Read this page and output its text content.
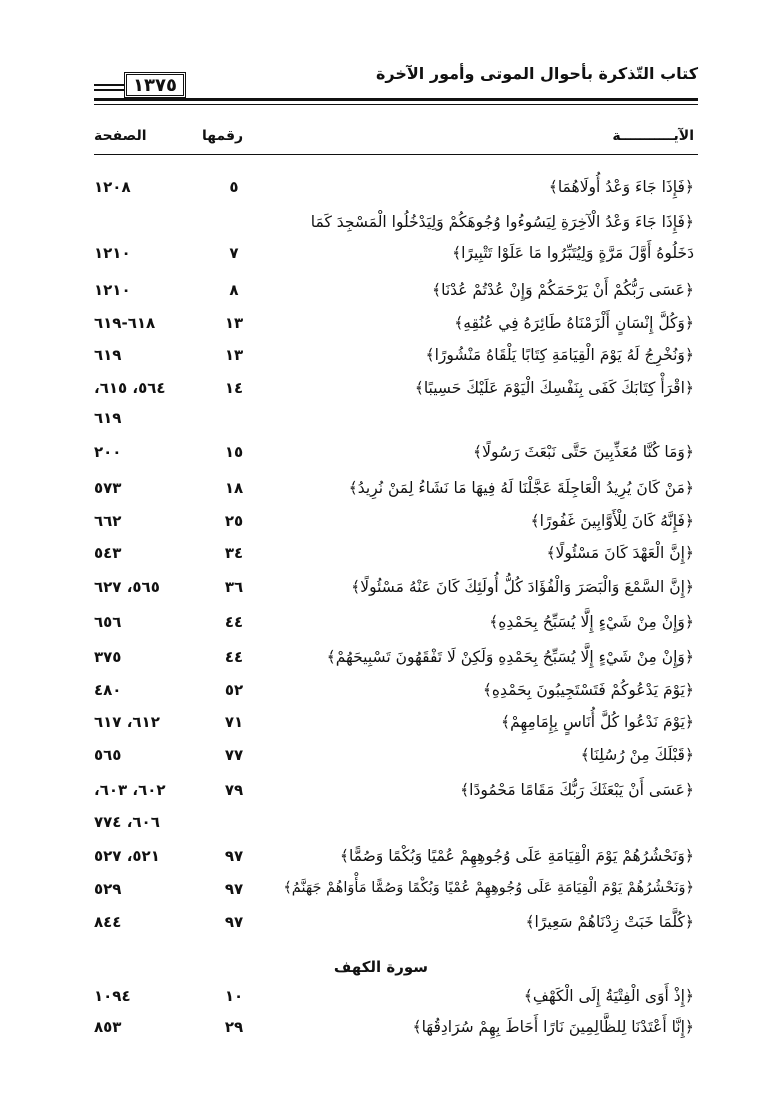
كتاب التّذكرة بأحوال الموتى وأمور الآخرة
١٣٧٥
الآيـــــــــــة
رقمها
الصفحة
﴿فَإِذَا جَاءَ وَعْدُ أُولَاهُمَا﴾
٥
١٢٠٨
﴿فَإِذَا جَاءَ وَعْدُ الْآخِرَةِ لِيَسُوءُوا وُجُوهَكُمْ وَلِيَدْخُلُوا الْمَسْجِدَ كَمَا
دَخَلُوهُ أَوَّلَ مَرَّةٍ وَلِيُتَبِّرُوا مَا عَلَوْا تَتْبِيرًا﴾
٧
١٢١٠
﴿عَسَى رَبُّكُمْ أَنْ يَرْحَمَكُمْ وَإِنْ عُدْتُمْ عُدْنَا﴾
٨
١٢١٠
﴿وَكُلَّ إِنْسَانٍ أَلْزَمْنَاهُ طَائِرَهُ فِي عُنُقِهِ﴾
١٣
٦١٨-٦١٩
﴿وَنُخْرِجُ لَهُ يَوْمَ الْقِيَامَةِ كِتَابًا يَلْقَاهُ مَنْشُورًا﴾
١٣
٦١٩
﴿اقْرَأْ كِتَابَكَ كَفَى بِنَفْسِكَ الْيَوْمَ عَلَيْكَ حَسِيبًا﴾
١٤
٥٦٤، ٦١٥،
٦١٩
﴿وَمَا كُنَّا مُعَذِّبِينَ حَتَّى نَبْعَثَ رَسُولًا﴾
١٥
٢٠٠
﴿مَنْ كَانَ يُرِيدُ الْعَاجِلَةَ عَجَّلْنَا لَهُ فِيهَا مَا نَشَاءُ لِمَنْ نُرِيدُ﴾
١٨
٥٧٣
﴿فَإِنَّهُ كَانَ لِلْأَوَّابِينَ غَفُورًا﴾
٢٥
٦٦٢
﴿إِنَّ الْعَهْدَ كَانَ مَسْئُولًا﴾
٣٤
٥٤٣
﴿إِنَّ السَّمْعَ وَالْبَصَرَ وَالْفُؤَادَ كُلُّ أُولَئِكَ كَانَ عَنْهُ مَسْئُولًا﴾
٣٦
٥٦٥، ٦٢٧
﴿وَإِنْ مِنْ شَيْءٍ إِلَّا يُسَبِّحُ بِحَمْدِهِ﴾
٤٤
٦٥٦
﴿وَإِنْ مِنْ شَيْءٍ إِلَّا يُسَبِّحُ بِحَمْدِهِ وَلَكِنْ لَا تَفْقَهُونَ تَسْبِيحَهُمْ﴾
٤٤
٣٧٥
﴿يَوْمَ يَدْعُوكُمْ فَتَسْتَجِيبُونَ بِحَمْدِهِ﴾
٥٢
٤٨٠
﴿يَوْمَ نَدْعُوا كُلَّ أُنَاسٍ بِإِمَامِهِمْ﴾
٧١
٦١٢، ٦١٧
﴿قَبْلَكَ مِنْ رُسُلِنَا﴾
٧٧
٥٦٥
﴿عَسَى أَنْ يَبْعَثَكَ رَبُّكَ مَقَامًا مَحْمُودًا﴾
٧٩
٦٠٢، ٦٠٣،
٦٠٦، ٧٧٤
﴿وَنَحْشُرُهُمْ يَوْمَ الْقِيَامَةِ عَلَى وُجُوهِهِمْ عُمْيًا وَبُكْمًا وَصُمًّا﴾
٩٧
٥٢١، ٥٢٧
﴿وَنَحْشُرُهُمْ يَوْمَ الْقِيَامَةِ عَلَى وُجُوهِهِمْ عُمْيًا وَبُكْمًا وَصُمًّا مَأْوَاهُمْ جَهَنَّمُ﴾
٩٧
٥٢٩
﴿كُلَّمَا خَبَتْ زِدْنَاهُمْ سَعِيرًا﴾
٩٧
٨٤٤
﴿إِذْ أَوَى الْفِتْيَةُ إِلَى الْكَهْفِ﴾
١٠
١٠٩٤
﴿إِنَّا أَعْتَدْنَا لِلظَّالِمِينَ نَارًا أَحَاطَ بِهِمْ سُرَادِقُهَا﴾
٢٩
٨٥٣
سورة الكهف
